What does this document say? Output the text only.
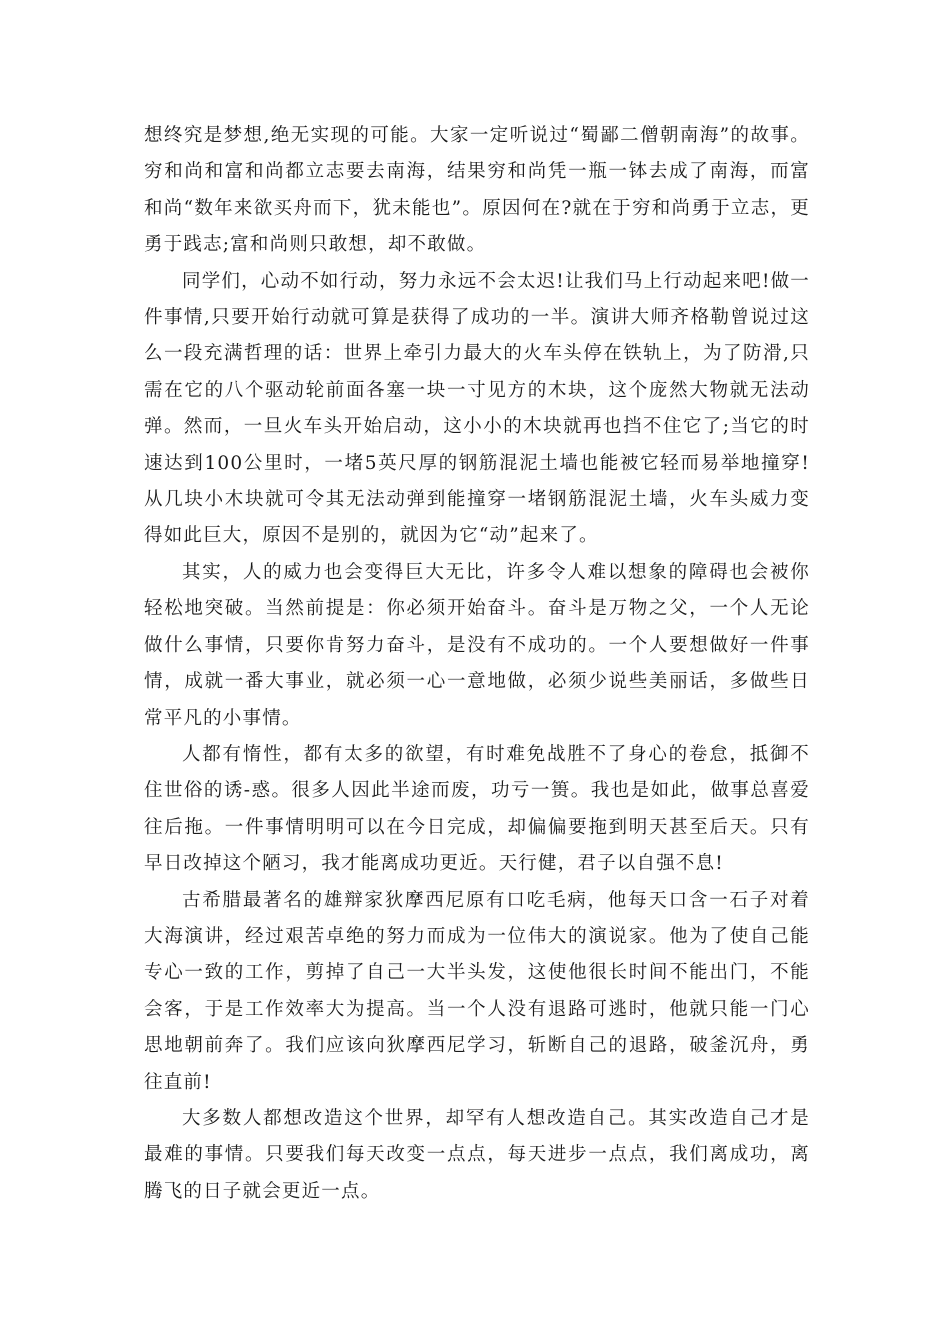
想终究是梦想,绝无实现的可能。大家一定听说过“蜀鄙二僧朝南海”的故事。穷和尚和富和尚都立志要去南海，结果穷和尚凭一瓶一钵去成了南海，而富和尚“数年来欲买舟而下，犹未能也”。原因何在?就在于穷和尚勇于立志，更勇于践志;富和尚则只敢想，却不敢做。

同学们，心动不如行动，努力永远不会太迟!让我们马上行动起来吧!做一件事情,只要开始行动就可算是获得了成功的一半。演讲大师齐格勒曾说过这么一段充满哲理的话：世界上牵引力最大的火车头停在铁轨上，为了防滑,只需在它的八个驱动轮前面各塞一块一寸见方的木块，这个庞然大物就无法动弹。然而，一旦火车头开始启动，这小小的木块就再也挡不住它了;当它的时速达到100公里时，一堵5英尺厚的钢筋混泥土墙也能被它轻而易举地撞穿!从几块小木块就可令其无法动弹到能撞穿一堵钢筋混泥土墙，火车头威力变得如此巨大，原因不是别的，就因为它“动”起来了。

其实，人的威力也会变得巨大无比，许多令人难以想象的障碍也会被你轻松地突破。当然前提是：你必须开始奋斗。奋斗是万物之父，一个人无论做什么事情，只要你肯努力奋斗，是没有不成功的。一个人要想做好一件事情，成就一番大事业，就必须一心一意地做，必须少说些美丽话，多做些日常平凡的小事情。

人都有惰性，都有太多的欲望，有时难免战胜不了身心的卷怠，抵御不住世俗的诱-惑。很多人因此半途而废，功亏一篑。我也是如此，做事总喜爱往后拖。一件事情明明可以在今日完成，却偏偏要拖到明天甚至后天。只有早日改掉这个陋习，我才能离成功更近。天行健，君子以自强不息!

古希腊最著名的雄辩家狄摩西尼原有口吃毛病，他每天口含一石子对着大海演讲，经过艰苦卓绝的努力而成为一位伟大的演说家。他为了使自己能专心一致的工作，剪掉了自己一大半头发，这使他很长时间不能出门，不能会客，于是工作效率大为提高。当一个人没有退路可逃时，他就只能一门心思地朝前奔了。我们应该向狄摩西尼学习，斩断自己的退路，破釜沉舟，勇往直前!

大多数人都想改造这个世界，却罕有人想改造自己。其实改造自己才是最难的事情。只要我们每天改变一点点，每天进步一点点，我们离成功，离腾飞的日子就会更近一点。
